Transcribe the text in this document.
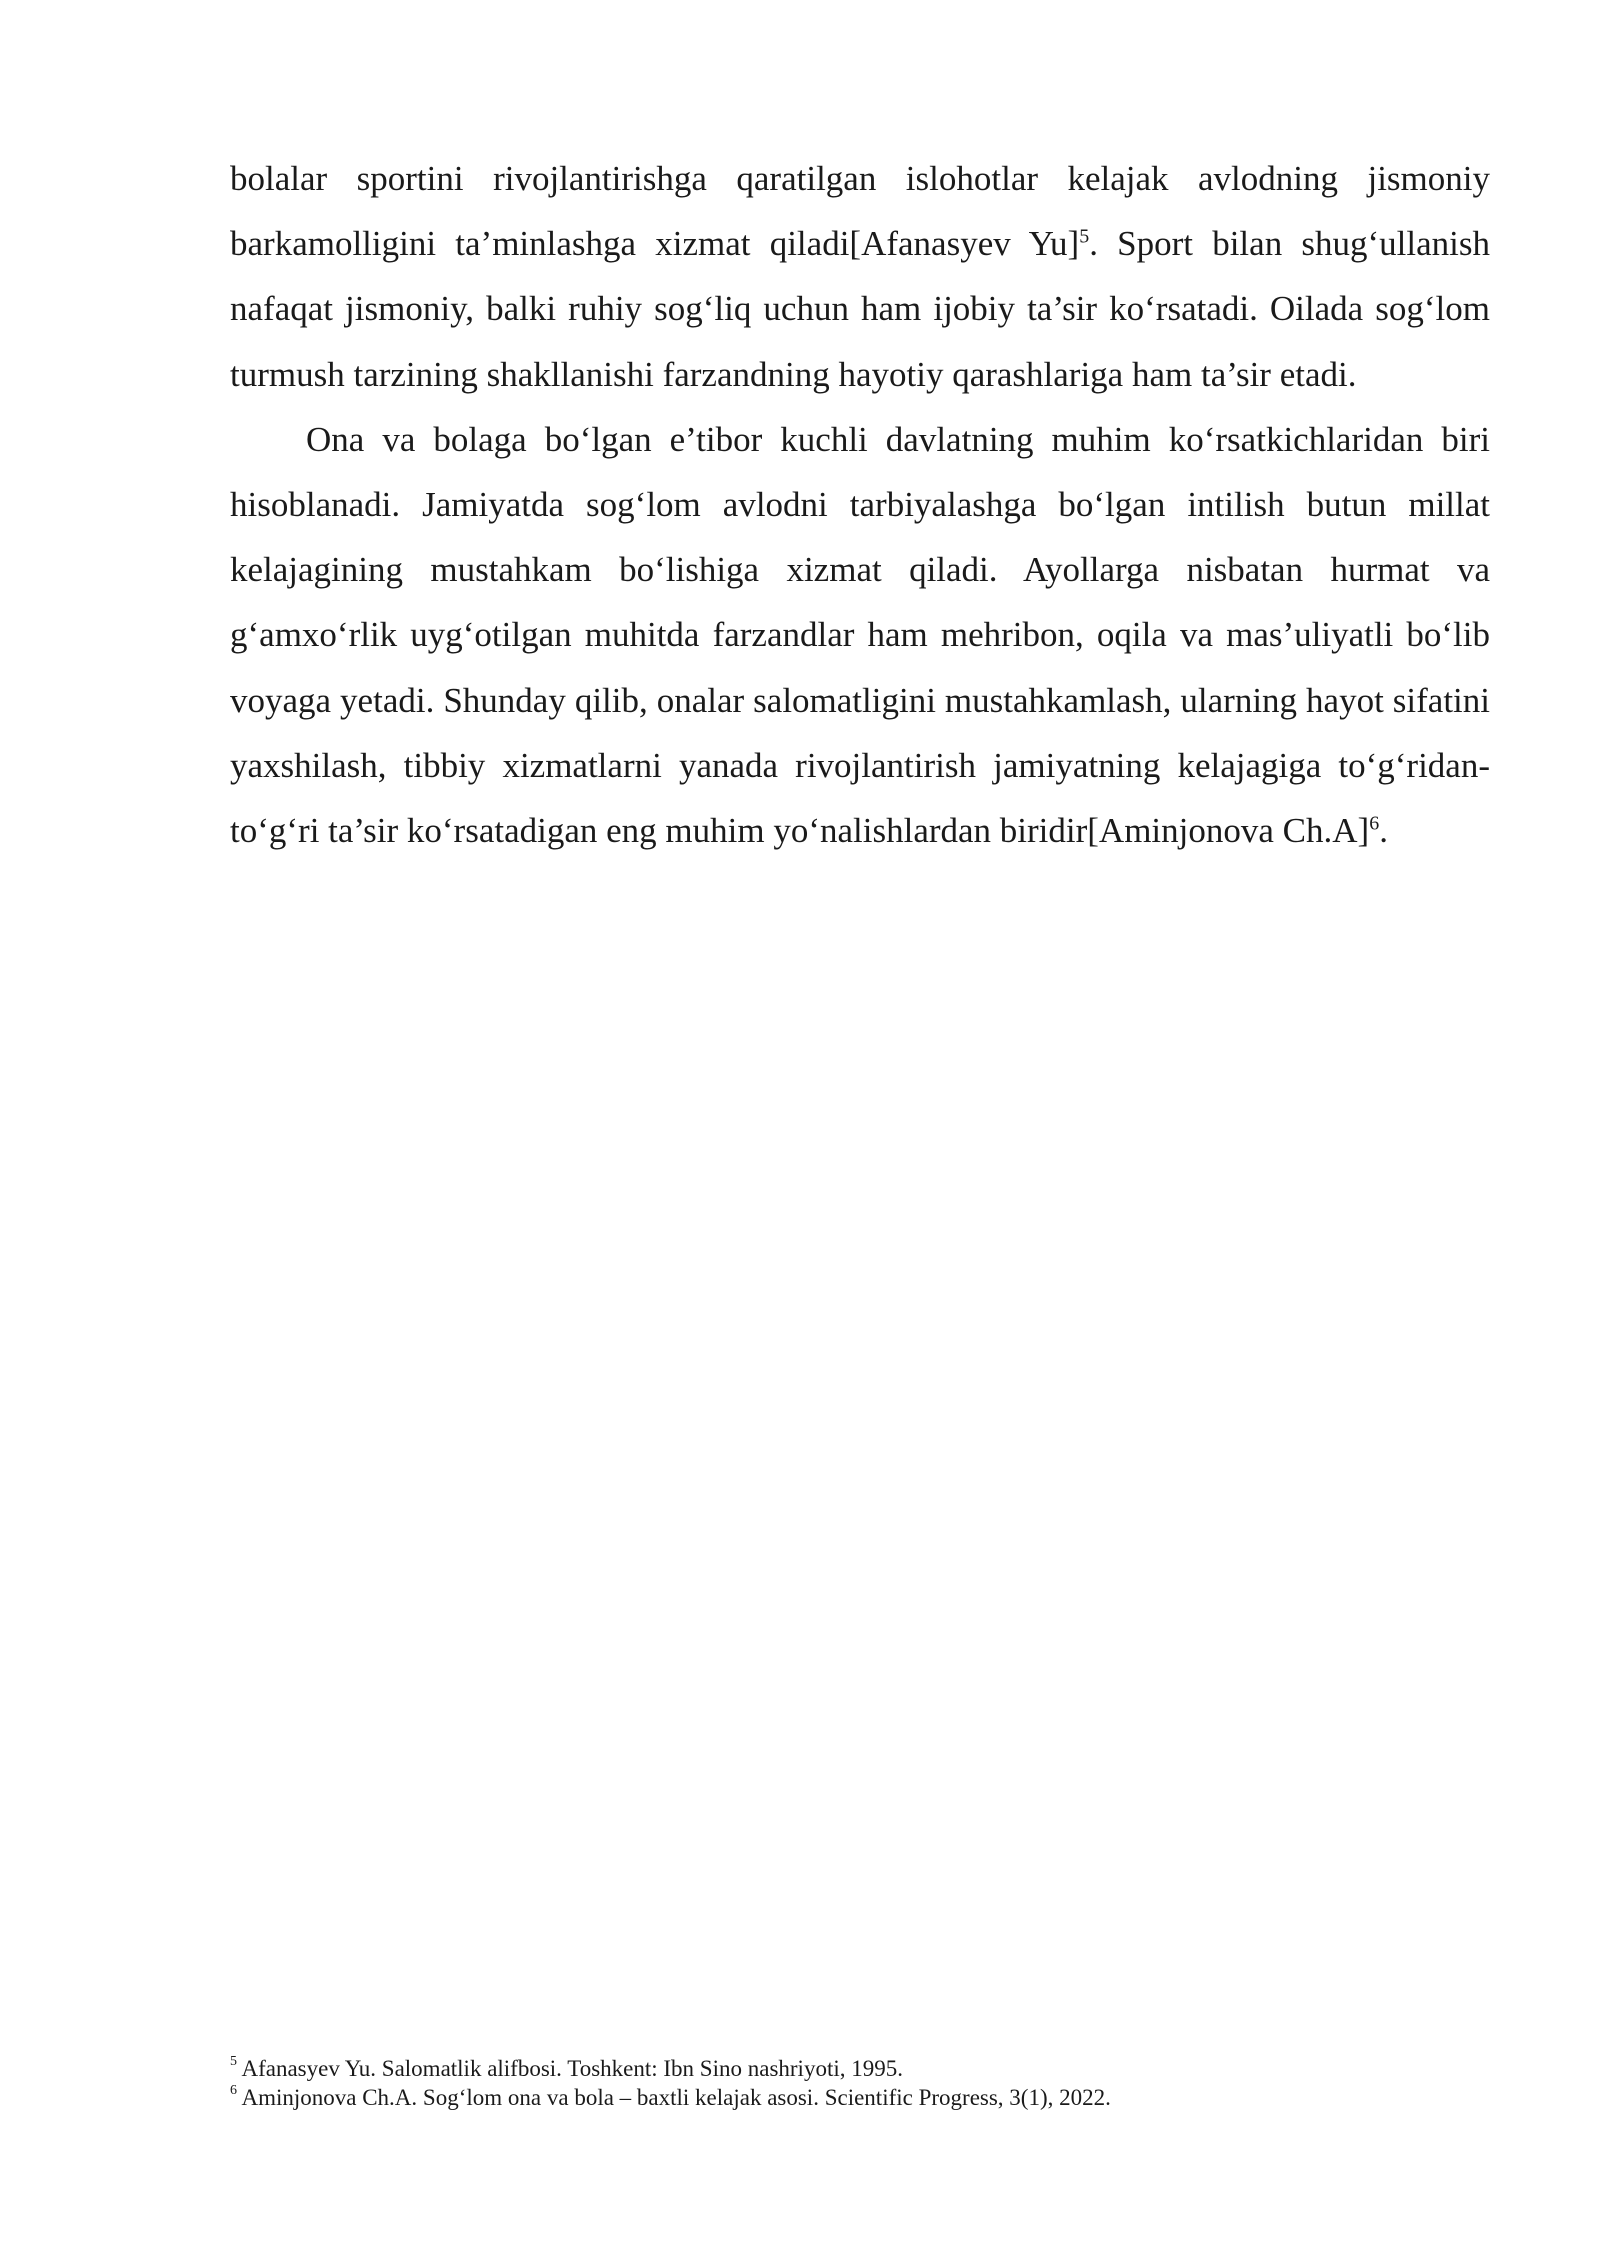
bolalar sportini rivojlantirishga qaratilgan islohotlar kelajak avlodning jismoniy barkamolligini ta’minlashga xizmat qiladi[Afanasyev Yu]$^5$. Sport bilan shug‘ullanish nafaqat jismoniy, balki ruhiy sog‘liq uchun ham ijobiy ta’sir ko‘rsatadi. Oilada sog‘lom turmush tarzining shakllanishi farzandning hayotiy qarashlariga ham ta’sir etadi.

Ona va bolaga bo‘lgan e’tibor kuchli davlatning muhim ko‘rsatkichlaridan biri hisoblanadi. Jamiyatda sog‘lom avlodni tarbiyalashga bo‘lgan intilish butun millat kelajagining mustahkam bo‘lishiga xizmat qiladi. Ayollarga nisbatan hurmat va g‘amxo‘rlik uyg‘otilgan muhitda farzandlar ham mehribon, oqila va mas’uliyatli bo‘lib voyaga yetadi. Shunday qilib, onalar salomatligini mustahkamlash, ularning hayot sifatini yaxshilash, tibbiy xizmatlarni yanada rivojlantirish jamiyatning kelajagiga to‘g‘ridan-to‘g‘ri ta’sir ko‘rsatadigan eng muhim yo‘nalishlardan biridir[Aminjonova Ch.A]$^6$.

$^5$ Afanasyev Yu. Salomatlik alifbosi. Toshkent: Ibn Sino nashriyoti, 1995.
$^6$ Aminjonova Ch.A. Sog‘lom ona va bola – baxtli kelajak asosi. Scientific Progress, 3(1), 2022.
